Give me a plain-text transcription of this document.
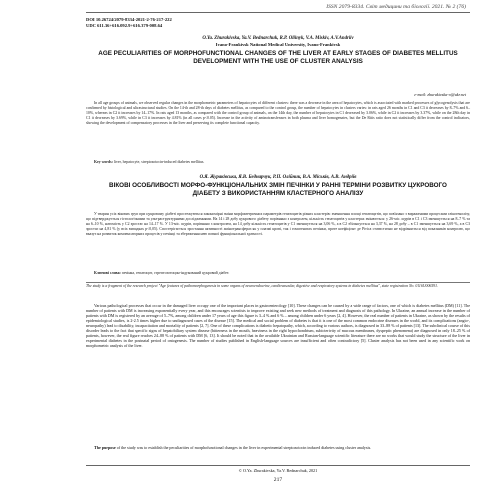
ISSN 2079-8334. Світ медицини та біології. 2021. № 2 (76)
DOI 10.26724/2079-8334-2021-2-76-217-222
UDC 611.36+616.092.9+616.379-008.64
O.Ya. Zhurakivska, Ya.V. Bednarchuk, R.P. Oliinyk, V.A. Miskiv, A.V.Andriiv
Ivano-Frankivsk National Medical University, Ivano-Frankivsk
AGE PECULIARITIES OF MORPHOFUNCTIONAL CHANGES OF THE LIVER AT EARLY STAGES OF DIABETES MELLITUS DEVELOPMENT WITH THE USE OF CLUSTER ANALYSIS
e-mail: zhurakivska-o@ukr.net
In all age groups of animals, we observed regular changes in the morphometric parameters of hepatocytes of different clusters: there was a decrease in the area of hepatocytes, which is associated with marked processes of glycogenolysis that are confirmed by histological and ultrastructural studies. On the 14-th and 28-th days of diabetes mellitus, as compared to the control group, the number of hepatocytes in clusters varies: in rats aged 26 months in C1 and C3 it decreases by 8–7% and 6–10%, whereas in C2 it increases by 14–17%. In rats aged 13 months, as compared with the control group of animals, on the 14th day, the number of hepatocytes in C1 decreased by 3.06%, while in C2 it increases by 3.37%, while on the 28th day in C1 it decreases by 3.69%, while in C3 it increases by 4.81% (in all cases p<0.05). Increase in the activity of aminotransferases in both plasma and liver homogenates, but the De Ritis ratio does not statistically differ from the control indicators, showing the development of compensatory processes in the liver and preserving its complete functional capacity.
Key words: liver, hepatocyte, streptozotocin-induced diabetes mellitus.
О.Я. Журакiвська, Я.В. Беднарчук, Р.П. Олiйник, В.А. Мiськiв, А.В. Андрiїв
ВIКОВI ОСОБЛИВОСТI МОРФО-ФУНКЦIОНАЛЬНИХ ЗМIН ПЕЧIНКИ У РАННI ТЕРМIНИ РОЗВИТКУ ЦУКРОВОГО ДIАБЕТУ З ВИКОРИСТАННЯМ КЛАСТЕРНОГО АНАЛIЗУ
У тварин усiх вiкових груп при цукровому дiабетi простежуються закономiрнi змiни морфометричних параметрiв гепатоцитiв рiзних кластерiв: зменшення площi гепатоцитiв, що пов'язано з вираженими процесами глiкогенолiзу, що пiдтверджується гiстологiчними та ультраструктурними дослiдженнями. На 14 i 28 добу цукрового дiабету порiвняно з контролем, кiлькiсть гепатоцитiв у кластерах змiнюється: у 26-мiс. щурiв в С1 i С3 зменшується на 8–7 % та на 6–10 %, натомiсть у С2 зростає на 14–17 %. У 13-мiс. щурiв, порiвняно з контролем, на 14 добу кiлькiсть гепатоцитiв у С1 зменшується на 3,06 %, а в С2 збiльшується на 3,37 %, на 28 добу – в С1 зменшується на 3,69 %, а в С3 зростає на 4,81 % (у всiх випадках p<0,05). Спостерiгається зростання активностi амiнотрансфераз як у плазмi кровi, так i гомогенатах печiнки, проте коефiцiєнт де Рiтiса статистично не вiдрiзняється вiд показникiв контролю, що вказує на розвиток компенсаторних процесiв у печiнцi та збереження нею повної функцiональної здатностi.
Ключовi слова: печiнка, гепатоцит, стрептозотоцин-iндукований цукровий дiабет.
The study is a fragment of the research project "Age features of pathomorphogenesis in some organs of neuroendocrine, cardiovascular, digestive and respiratory systems in diabetes mellitus", state registration No. 0116U006591.
Various pathological processes that occur in the damaged liver occupy one of the important places in gastroenterology [10]. These changes can be caused by a wide range of factors, one of which is diabetes mellitus (DM) [11]. The number of patients with DM is increasing exponentially every year, and this encourages scientists to improve existing and seek new methods of treatment and diagnosis of this pathology. In Ukraine, an annual increase in the number of patients with DM is registered by an average of 5–7%, among children under 17 years of age this figure is 3–4 % and 6 % – among children under 6 years [2, 4]. However, the real number of patients in Ukraine, as shown by the results of epidemiological studies, is 2-2.5 times higher due to undiagnosed cases of the disease [15]. The medical and social problem of diabetes is that it is one of the most common endocrine diseases in the world, and its complications (angio-, neuropathy) lead to disability, incapacitation and mortality of patients [2, 7]. One of these complications is diabetic hepatopathy, which, according to various authors, is diagnosed in 33–88 % of patients [13]. The subclinical course of this disorder leads to the fact that specific signs of hepatobiliary system disease (bitterness in the mouth, heaviness in the right hypochondrium, subicterivity of mucous membranes, dyspeptic phenomena) are diagnosed in only 18–25 % of patients, however, the real figure reaches 24–88 % of patients with DM [6, 13]. It should be noted that in the available Ukrainian and Russian-language scientific literature there are no works that would study the structure of the liver in experimental diabetes in the postnatal period of ontogenesis. The number of studies published in English-language sources are insufficient and often contradictory [5]. Cluster analysis has not been used in any scientific work on morphometric analysis of the liver.
The purpose of the study was to establish the peculiarities of morphofunctional changes in the liver in experimental streptozotocin induced diabetes using cluster analysis.
© O.Ya. Zhurakivska, Ya.V. Bednarchuk, 2021
217
